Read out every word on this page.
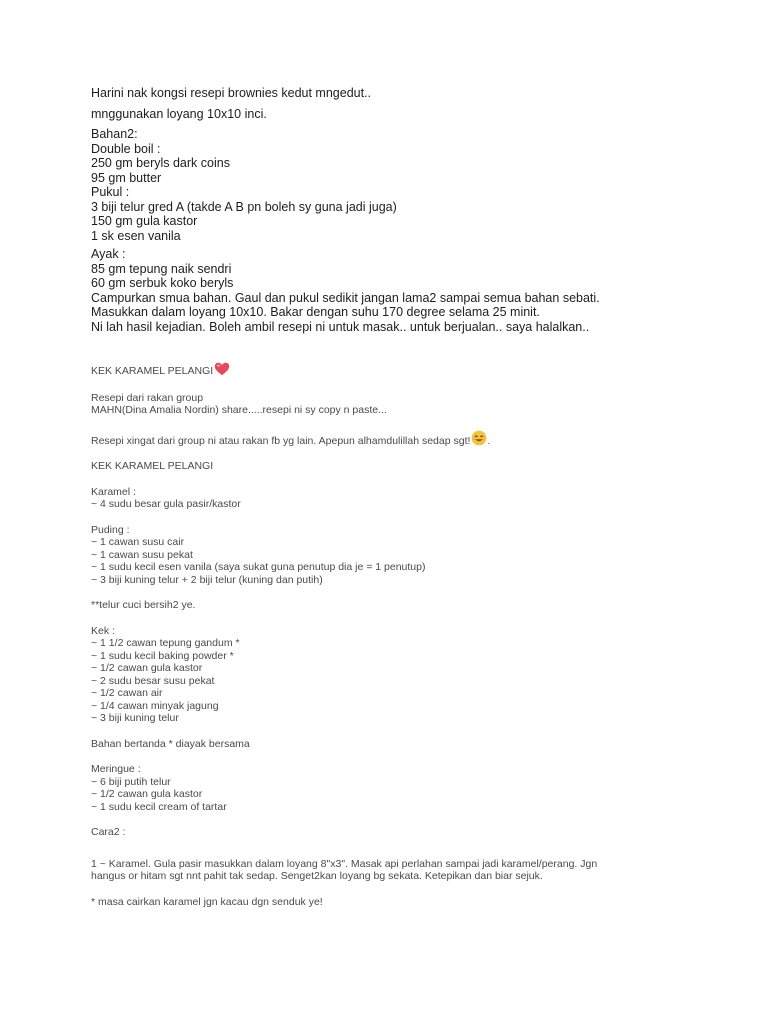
Harini nak kongsi resepi brownies kedut mngedut..
mnggunakan loyang 10x10 inci.
Bahan2:
Double boil :
250 gm beryls dark coins
95 gm butter
Pukul :
3 biji telur gred A (takde A B pn boleh sy guna jadi juga)
150 gm gula kastor
1 sk esen vanila
Ayak :
85 gm tepung naik sendri
60 gm serbuk koko beryls
Campurkan smua bahan. Gaul dan pukul sedikit jangan lama2 sampai semua bahan sebati.
Masukkan dalam loyang 10x10. Bakar dengan suhu 170 degree selama 25 minit.
Ni lah hasil kejadian. Boleh ambil resepi ni untuk masak.. untuk berjualan.. saya halalkan..
KEK KARAMEL PELANGI
Resepi dari rakan group
MAHN(Dina Amalia Nordin) share.....resepi ni sy copy n paste...
Resepi xingat dari group ni atau rakan fb yg lain. Apepun alhamdulillah sedap sgt! .
KEK KARAMEL PELANGI
Karamel :
~ 4 sudu besar gula pasir/kastor
Puding :
~ 1 cawan susu cair
~ 1 cawan susu pekat
~ 1 sudu kecil esen vanila (saya sukat guna penutup dia je = 1 penutup)
~ 3 biji kuning telur + 2 biji telur (kuning dan putih)
**telur cuci bersih2 ye.
Kek :
~ 1 1/2 cawan tepung gandum *
~ 1 sudu kecil baking powder *
~ 1/2 cawan gula kastor
~ 2 sudu besar susu pekat
~ 1/2 cawan air
~ 1/4 cawan minyak jagung
~ 3 biji kuning telur
Bahan bertanda * diayak bersama
Meringue :
~ 6 biji putih telur
~ 1/2 cawan gula kastor
~ 1 sudu kecil cream of tartar
Cara2 :
1 ~ Karamel. Gula pasir masukkan dalam loyang 8"x3". Masak api perlahan sampai jadi karamel/perang. Jgn
hangus or hitam sgt nnt pahit tak sedap. Senget2kan loyang bg sekata. Ketepikan dan biar sejuk.
* masa cairkan karamel jgn kacau dgn senduk ye!
